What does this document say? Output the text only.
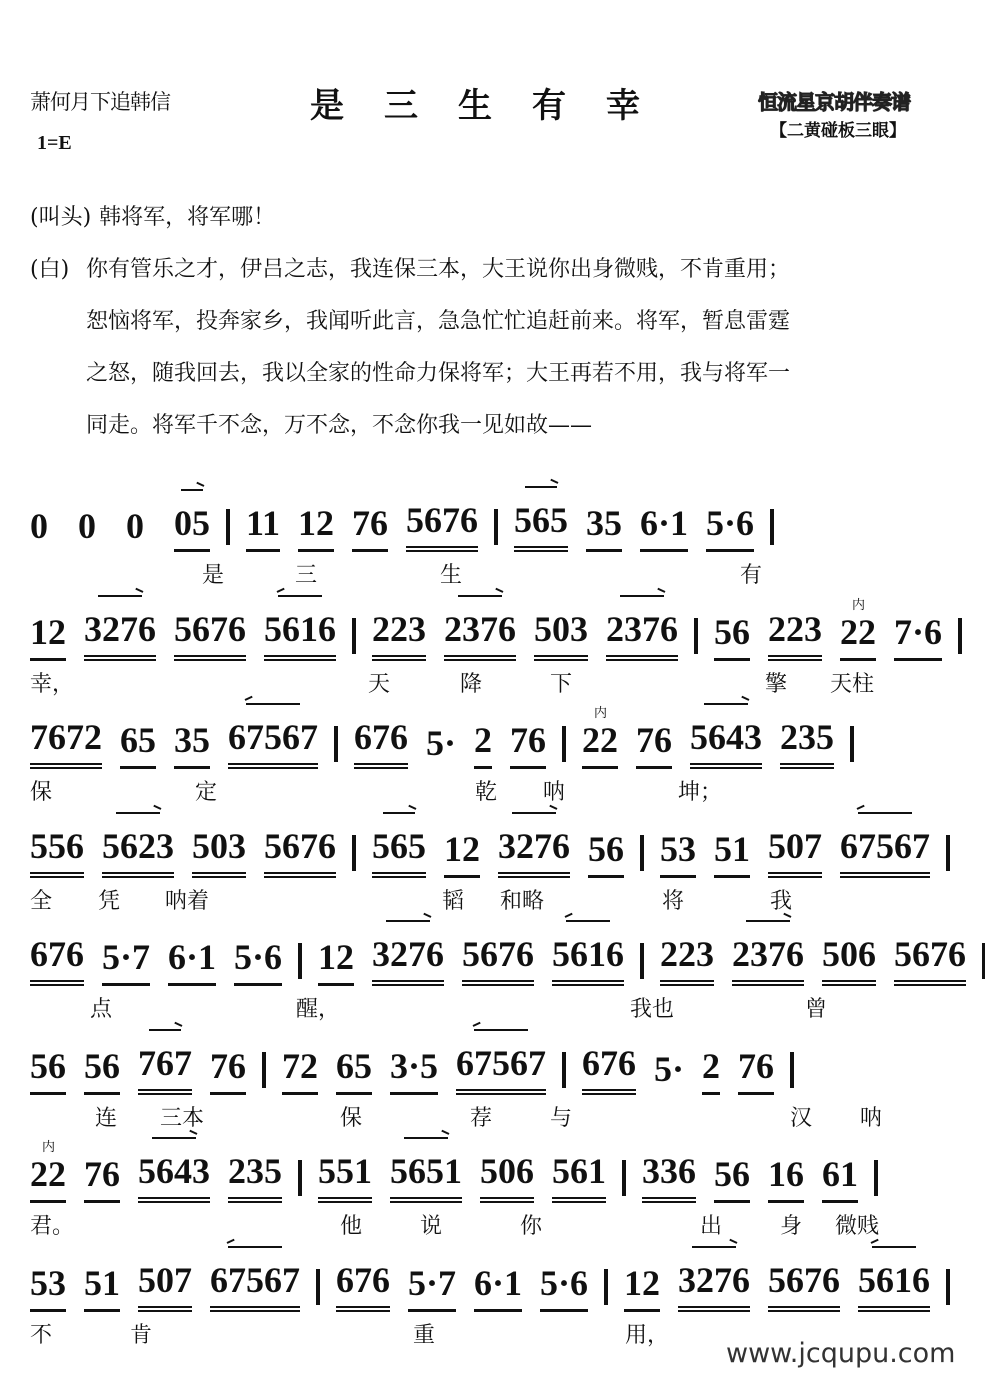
萧何月下追韩信	是三生有幸	恒流星京胡伴奏谱
【二黄碰板三眼】
1=E
(叫头) 韩将军，将军哪！
(白) 你有管乐之才，伊吕之志，我连保三本，大王说你出身微贱，不肯重用；
恕恼将军，投奔家乡，我闻听此言，急急忙忙追赶前来。将军，暂息雷霆
之怒，随我回去，我以全家的性命力保将军；大王再若不用，我与将军一
同走。将军千不念，万不念，不念你我一见如故——
0 0 0 05 11 12 76 5676 565 35 6·1 5·6
是	三	生	有
12 3276 5676 5616 223 2376 503 2376 56 223 22
内
7·6
幸，	天	降	下	擎 天柱
7672 65 35 67567 676 5· 2 76 22
内
76 5643 235
保	定	乾 呐	坤；
556 5623 503 5676 565 12 3276 56 53 51 507 67567
全 凭 呐着	韬 和略	将	我
676 5·7 6·1 5·6 12 3276 5676 5616 223 2376 506 5676
点	醒，	我也	曾
56 56 767 76 72 65 3·5 67567 676 5· 2 76
连 三本	保	荐	与	汉 呐
22
内
76 5643 235 551 5651 506 561 336 56 16 61
君。	他	说	你	出	身 微贱
53 51 507 67567 676 5·7 6·1 5·6 12 3276 5676 5616
不	肯	重	用，
www.jcqupu.com
